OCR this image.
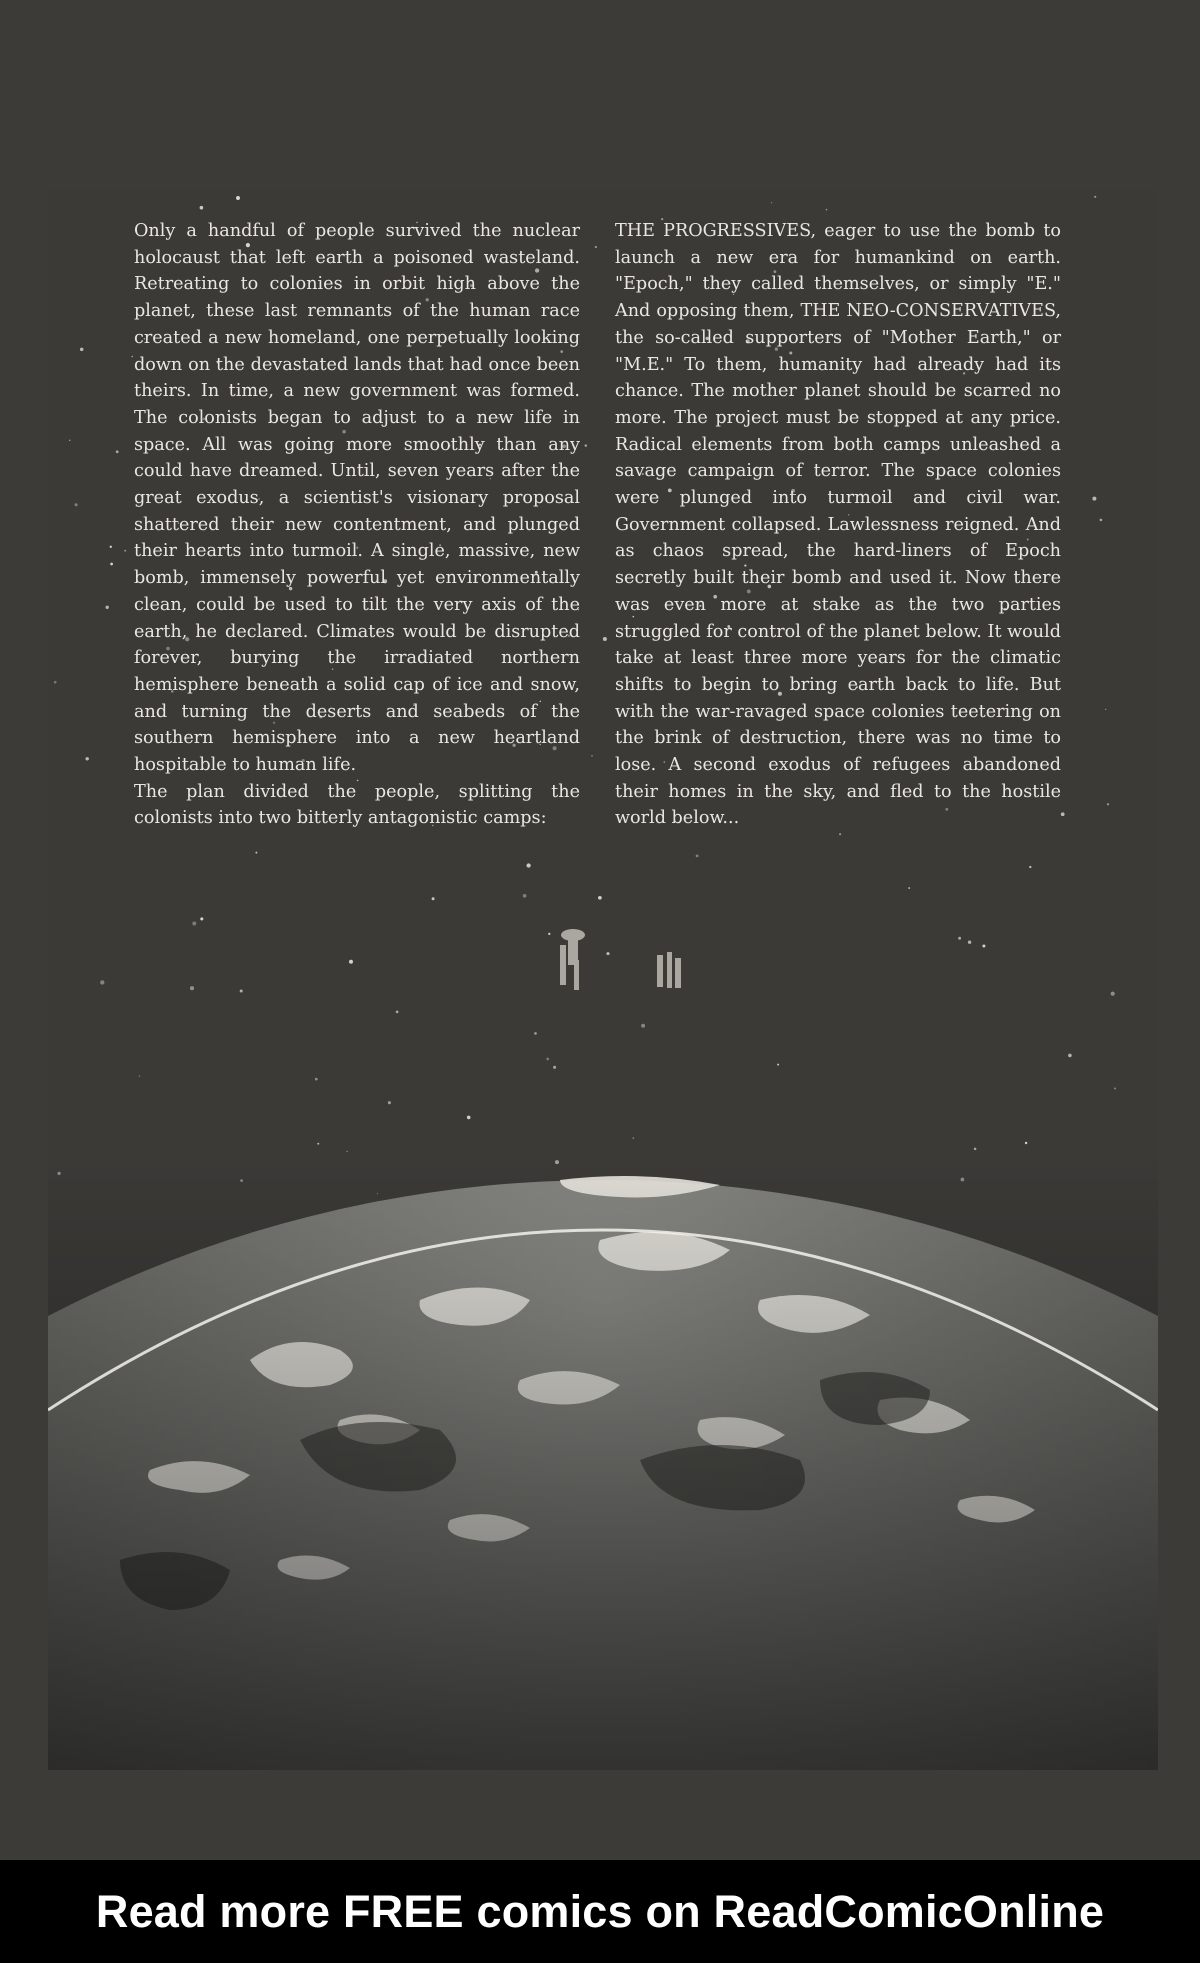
Only a handful of people survived the nuclear holocaust that left earth a poisoned wasteland. Retreating to colonies in orbit high above the planet, these last remnants of the human race created a new homeland, one perpetually looking down on the devastated lands that had once been theirs. In time, a new government was formed. The colonists began to adjust to a new life in space. All was going more smoothly than any could have dreamed. Until, seven years after the great exodus, a scientist's visionary proposal shattered their new contentment, and plunged their hearts into turmoil. A single, massive, new bomb, immensely powerful yet environmentally clean, could be used to tilt the very axis of the earth, he declared. Climates would be disrupted forever, burying the irradiated northern hemisphere beneath a solid cap of ice and snow, and turning the deserts and seabeds of the southern hemisphere into a new heartland hospitable to human life.

The plan divided the people, splitting the colonists into two bitterly antagonistic camps:

THE PROGRESSIVES, eager to use the bomb to launch a new era for humankind on earth. "Epoch," they called themselves, or simply "E." And opposing them, THE NEO-CONSERVATIVES, the so-called supporters of "Mother Earth," or "M.E." To them, humanity had already had its chance. The mother planet should be scarred no more. The project must be stopped at any price. Radical elements from both camps unleashed a savage campaign of terror. The space colonies were plunged into turmoil and civil war. Government collapsed. Lawlessness reigned. And as chaos spread, the hard-liners of Epoch secretly built their bomb and used it. Now there was even more at stake as the two parties struggled for control of the planet below. It would take at least three more years for the climatic shifts to begin to bring earth back to life. But with the war-ravaged space colonies teetering on the brink of destruction, there was no time to lose. A second exodus of refugees abandoned their homes in the sky, and fled to the hostile world below...

Read more FREE comics on ReadComicOnline
